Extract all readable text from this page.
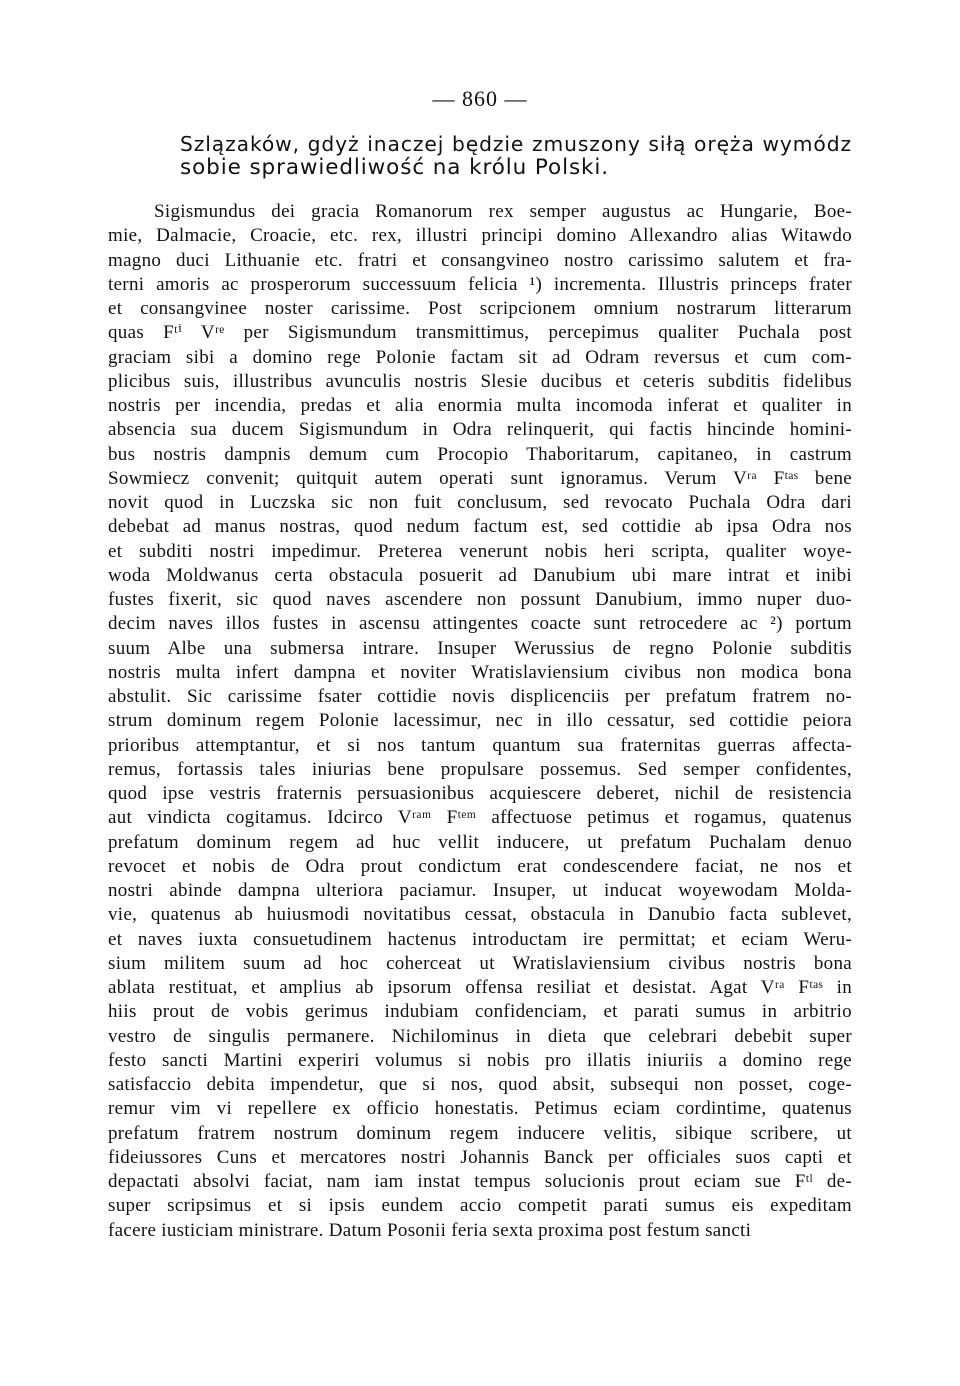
— 860 —
Szlązaków, gdyż inaczej będzie zmuszony siłą oręża wymódz
sobie sprawiedliwość na królu Polski.
Sigismundus dei gracia Romanorum rex semper augustus ac Hungarie, Boe-
mie, Dalmacie, Croacie, etc. rex, illustri principi domino Allexandro alias Witawdo
magno duci Lithuanie etc. fratri et consangvineo nostro carissimo salutem et fra-
terni amoris ac prosperorum successuum felicia ¹) incrementa. Illustris princeps frater
et consangvinee noster carissime. Post scripcionem omnium nostrarum litterarum
quas Fᵗⁱ Vʳᵉ per Sigismundum transmittimus, percepimus qualiter Puchala post
graciam sibi a domino rege Polonie factam sit ad Odram reversus et cum com-
plicibus suis, illustribus avunculis nostris Slesie ducibus et ceteris subditis fidelibus
nostris per incendia, predas et alia enormia multa incomoda inferat et qualiter in
absencia sua ducem Sigismundum in Odra relinquerit, qui factis hincinde homini-
bus nostris dampnis demum cum Procopio Thaboritarum, capitaneo, in castrum
Sowmiecz convenit; quitquit autem operati sunt ignoramus. Verum Vʳᵃ Fᵗᵃˢ bene
novit quod in Luczska sic non fuit conclusum, sed revocato Puchala Odra dari
debebat ad manus nostras, quod nedum factum est, sed cottidie ab ipsa Odra nos
et subditi nostri impedimur. Preterea venerunt nobis heri scripta, qualiter woye-
woda Moldwanus certa obstacula posuerit ad Danubium ubi mare intrat et inibi
fustes fixerit, sic quod naves ascendere non possunt Danubium, immo nuper duo-
decim naves illos fustes in ascensu attingentes coacte sunt retrocedere ac ²) portum
suum Albe una submersa intrare. Insuper Werussius de regno Polonie subditis
nostris multa infert dampna et noviter Wratislaviensium civibus non modica bona
abstulit. Sic carissime fsater cottidie novis displicenciis per prefatum fratrem no-
strum dominum regem Polonie lacessimur, nec in illo cessatur, sed cottidie peiora
prioribus attemptantur, et si nos tantum quantum sua fraternitas guerras affecta-
remus, fortassis tales iniurias bene propulsare possemus. Sed semper confidentes,
quod ipse vestris fraternis persuasionibus acquiescere deberet, nichil de resistencia
aut vindicta cogitamus. Idcirco Vʳᵃᵐ Fᵗᵉᵐ affectuose petimus et rogamus, quatenus
prefatum dominum regem ad huc vellit inducere, ut prefatum Puchalam denuo
revocet et nobis de Odra prout condictum erat condescendere faciat, ne nos et
nostri abinde dampna ulteriora paciamur. Insuper, ut inducat woyewodam Molda-
vie, quatenus ab huiusmodi novitatibus cessat, obstacula in Danubio facta sublevet,
et naves iuxta consuetudinem hactenus introductam ire permittat; et eciam Weru-
sium militem suum ad hoc coherceat ut Wratislaviensium civibus nostris bona
ablata restituat, et amplius ab ipsorum offensa resiliat et desistat. Agat Vʳᵃ Fᵗᵃˢ in
hiis prout de vobis gerimus indubiam confidenciam, et parati sumus in arbitrio
vestro de singulis permanere. Nichilominus in dieta que celebrari debebit super
festo sancti Martini experiri volumus si nobis pro illatis iniuriis a domino rege
satisfaccio debita impendetur, que si nos, quod absit, subsequi non posset, coge-
remur vim vi repellere ex officio honestatis. Petimus eciam cordintime, quatenus
prefatum fratrem nostrum dominum regem inducere velitis, sibique scribere, ut
fideiussores Cuns et mercatores nostri Johannis Banck per officiales suos capti et
depactati absolvi faciat, nam iam instat tempus solucionis prout eciam sue Fᵗˡ de-
super scripsimus et si ipsis eundem accio competit parati sumus eis expeditam
facere iusticiam ministrare. Datum Posonii feria sexta proxima post festum sancti
